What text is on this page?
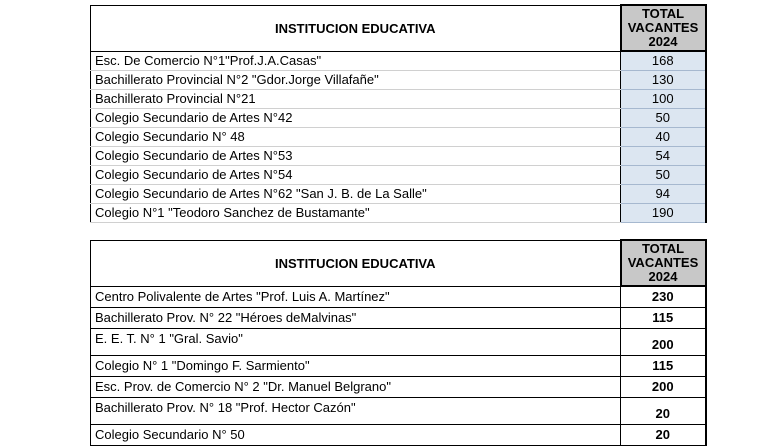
INSTITUCION EDUCATIVA	TOTAL
VACANTES
2024

Esc. De Comercio N°1"Prof.J.A.Casas"	168
Bachillerato Provincial N°2 "Gdor.Jorge Villafañe"	130
Bachillerato Provincial N°21	100
Colegio Secundario de Artes N°42	50
Colegio Secundario N° 48	40
Colegio Secundario de Artes N°53	54
Colegio Secundario de Artes N°54	50
Colegio Secundario de Artes N°62 "San J. B. de La Salle"	94
Colegio N°1 "Teodoro Sanchez de Bustamante"	190
INSTITUCION EDUCATIVA	TOTAL
VACANTES
2024

Centro Polivalente de Artes "Prof. Luis A. Martínez"	230
Bachillerato Prov. N° 22 "Héroes deMalvinas"	115
E. E. T. N° 1 "Gral. Savio"	200
Colegio N° 1 "Domingo F. Sarmiento"	115
Esc. Prov. de Comercio N° 2 "Dr. Manuel Belgrano"	200
Bachillerato Prov. N° 18 "Prof. Hector Cazón"	20
Colegio Secundario N° 50	20
